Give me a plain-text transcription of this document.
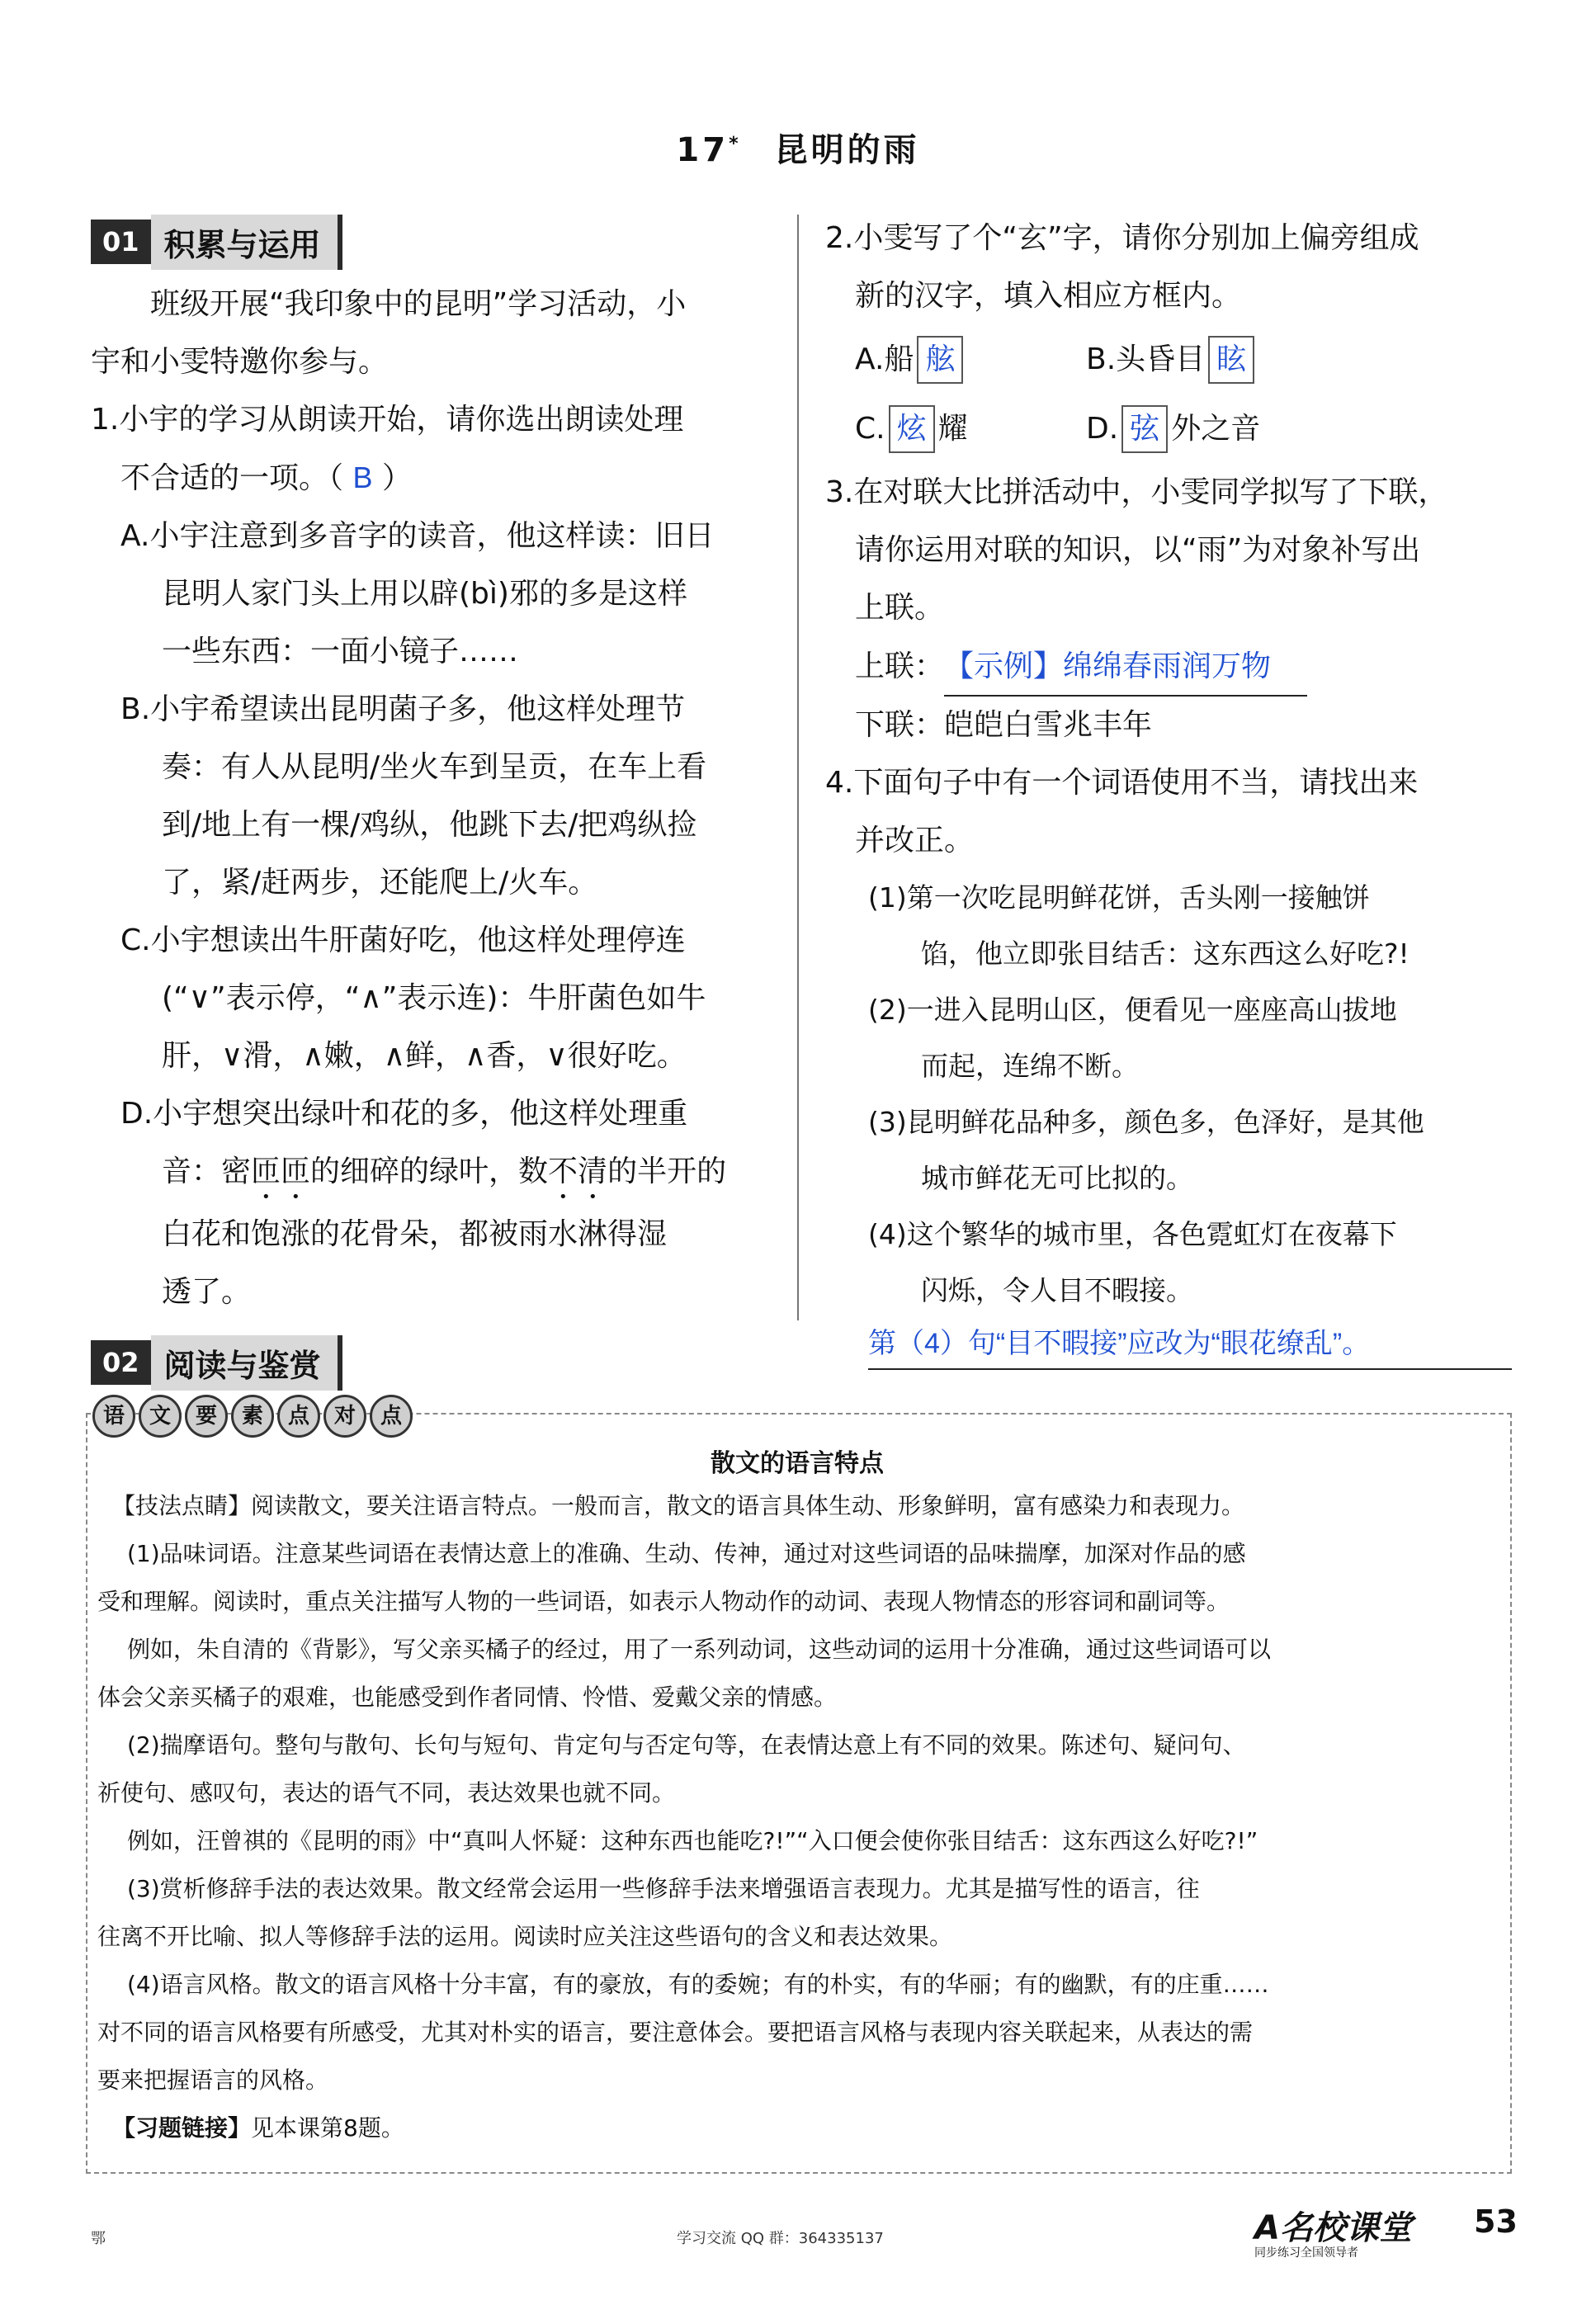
17* 昆明的雨
01 积累与运用
班级开展“我印象中的昆明”学习活动，小
宇和小雯特邀你参与。
1.小宇的学习从朗读开始，请你选出朗读处理
不合适的一项。（ B ）
A.小宇注意到多音字的读音，他这样读：旧日
昆明人家门头上用以辟(bì)邪的多是这样
一些东西：一面小镜子……
B.小宇希望读出昆明菌子多，他这样处理节
奏：有人从昆明/坐火车到呈贡，在车上看
到/地上有一棵/鸡纵，他跳下去/把鸡纵捡
了，紧/赶两步，还能爬上/火车。
C.小宇想读出牛肝菌好吃，他这样处理停连
(“∨”表示停，“∧”表示连)：牛肝菌色如牛
肝，∨滑，∧嫩，∧鲜，∧香，∨很好吃。
D.小宇想突出绿叶和花的多，他这样处理重
音：密匝匝的细碎的绿叶，数不清的半开的
白花和饱涨的花骨朵，都被雨水淋得湿
透了。
2.小雯写了个“玄”字，请你分别加上偏旁组成
新的汉字，填入相应方框内。
A.船 舷	B.头昏目 眩
C. 炫 耀	D. 弦 外之音
3.在对联大比拼活动中，小雯同学拟写了下联，
请你运用对联的知识，以“雨”为对象补写出
上联。
上联：【示例】绵绵春雨润万物
下联：皑皑白雪兆丰年
4.下面句子中有一个词语使用不当，请找出来
并改正。
(1)第一次吃昆明鲜花饼，舌头刚一接触饼
馅，他立即张目结舌：这东西这么好吃?!
(2)一进入昆明山区，便看见一座座高山拔地
而起，连绵不断。
(3)昆明鲜花品种多，颜色多，色泽好，是其他
城市鲜花无可比拟的。
(4)这个繁华的城市里，各色霓虹灯在夜幕下
闪烁，令人目不暇接。
第（4）句“目不暇接”应改为“眼花缭乱”。
02 阅读与鉴赏
语	文	要	素	点	对	点
散文的语言特点
【技法点睛】阅读散文，要关注语言特点。一般而言，散文的语言具体生动、形象鲜明，富有感染力和表现力。
(1)品味词语。注意某些词语在表情达意上的准确、生动、传神，通过对这些词语的品味揣摩，加深对作品的感
受和理解。阅读时，重点关注描写人物的一些词语，如表示人物动作的动词、表现人物情态的形容词和副词等。
例如，朱自清的《背影》，写父亲买橘子的经过，用了一系列动词，这些动词的运用十分准确，通过这些词语可以
体会父亲买橘子的艰难，也能感受到作者同情、怜惜、爱戴父亲的情感。
(2)揣摩语句。整句与散句、长句与短句、肯定句与否定句等，在表情达意上有不同的效果。陈述句、疑问句、
祈使句、感叹句，表达的语气不同，表达效果也就不同。
例如，汪曾祺的《昆明的雨》中“真叫人怀疑：这种东西也能吃?!”“入口便会使你张目结舌：这东西这么好吃?!”
(3)赏析修辞手法的表达效果。散文经常会运用一些修辞手法来增强语言表现力。尤其是描写性的语言，往
往离不开比喻、拟人等修辞手法的运用。阅读时应关注这些语句的含义和表达效果。
(4)语言风格。散文的语言风格十分丰富，有的豪放，有的委婉；有的朴实，有的华丽；有的幽默，有的庄重……
对不同的语言风格要有所感受，尤其对朴实的语言，要注意体会。要把语言风格与表现内容关联起来，从表达的需
要来把握语言的风格。
【习题链接】见本课第8题。
鄂	学习交流 QQ 群：364335137	A名校课堂
同步练习全国领导者
53
